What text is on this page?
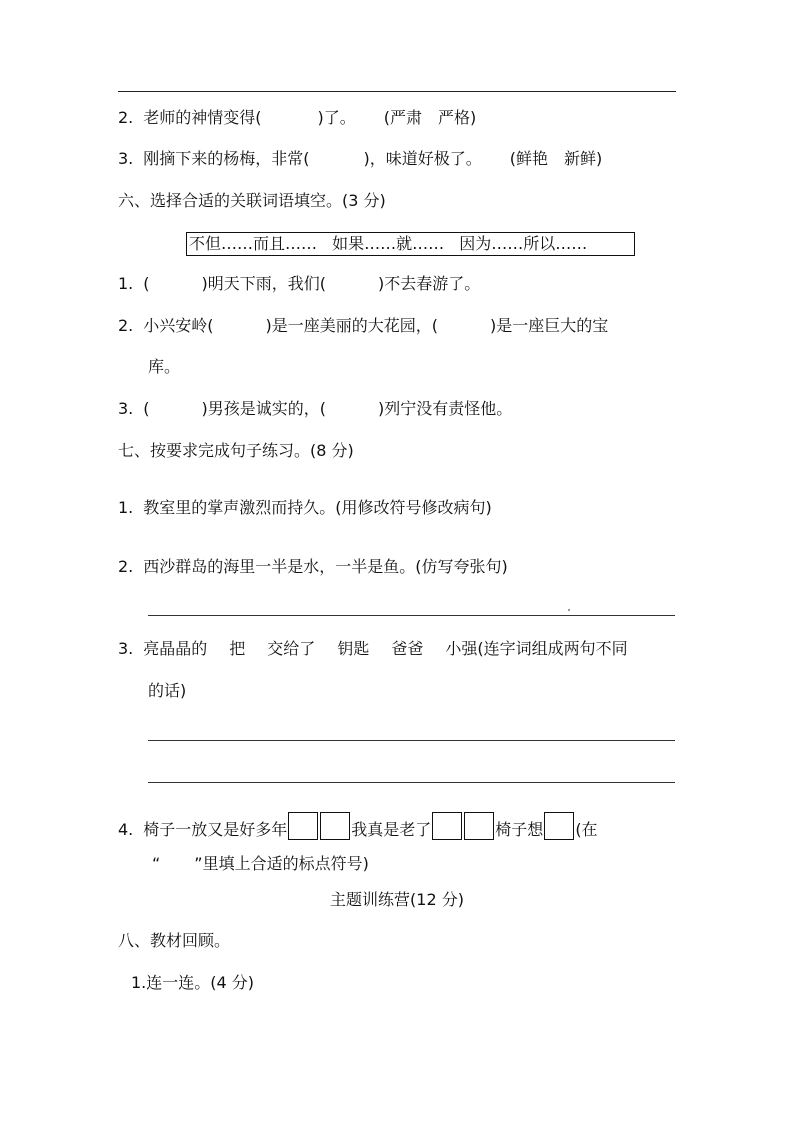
2. 老师的神情变得(	)了。 (严肃　严格)
3. 刚摘下来的杨梅，非常(	)，味道好极了。 (鲜艳　新鲜)
六、选择合适的关联词语填空。(3 分)
不但……而且…… 如果……就…… 因为……所以……
1. (	)明天下雨，我们(	)不去春游了。
2. 小兴安岭(	)是一座美丽的大花园，(	)是一座巨大的宝
库。
3. (	)男孩是诚实的，(	)列宁没有责怪他。
七、按要求完成句子练习。(8 分)
1. 教室里的掌声激烈而持久。(用修改符号修改病句)
2. 西沙群岛的海里一半是水，一半是鱼。(仿写夸张句)
3. 亮晶晶的 把 交给了 钥匙 爸爸 小强(连字词组成两句不同
的话)
4. 椅子一放又是好多年	我真是老了	椅子想 (在
“ ”里填上合适的标点符号)
主题训练营(12 分)
八、教材回顾。
1.连一连。(4 分)
